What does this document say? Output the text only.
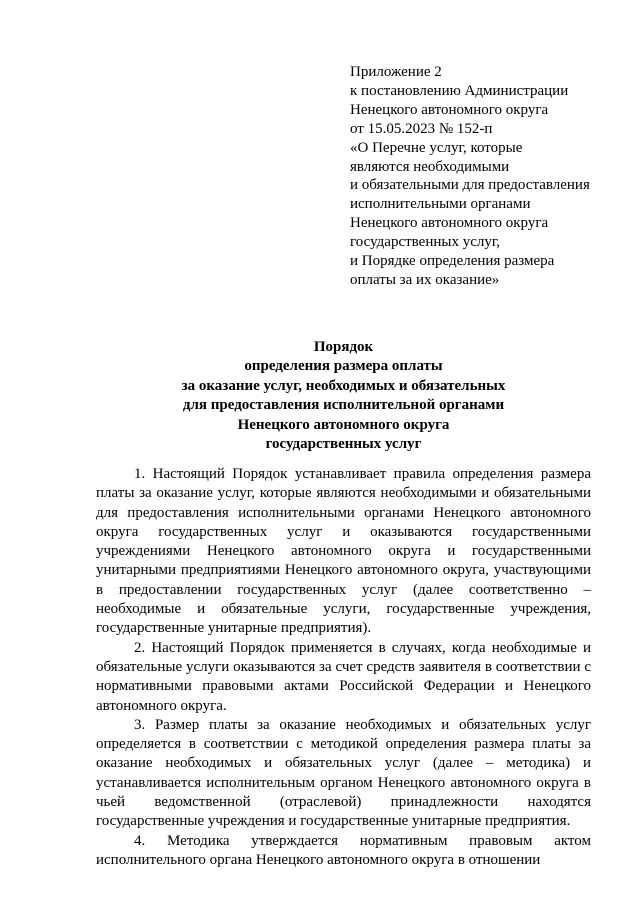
Приложение 2
к постановлению Администрации
Ненецкого автономного округа
от 15.05.2023 № 152-п
«О Перечне услуг, которые
являются необходимыми
и обязательными для предоставления
исполнительными органами
Ненецкого автономного округа
государственных услуг,
и Порядке определения размера
оплаты за их оказание»
Порядок
определения размера оплаты
за оказание услуг, необходимых и обязательных
для предоставления исполнительной органами
Ненецкого автономного округа
государственных услуг

1. Настоящий Порядок устанавливает правила определения размера платы за оказание услуг, которые являются необходимыми и обязательными для предоставления исполнительными органами Ненецкого автономного округа государственных услуг и оказываются государственными учреждениями Ненецкого автономного округа и государственными унитарными предприятиями Ненецкого автономного округа, участвующими в предоставлении государственных услуг (далее соответственно – необходимые и обязательные услуги, государственные учреждения, государственные унитарные предприятия).

2. Настоящий Порядок применяется в случаях, когда необходимые и обязательные услуги оказываются за счет средств заявителя в соответствии с нормативными правовыми актами Российской Федерации и Ненецкого автономного округа.

3. Размер платы за оказание необходимых и обязательных услуг определяется в соответствии с методикой определения размера платы за оказание необходимых и обязательных услуг (далее – методика) и устанавливается исполнительным органом Ненецкого автономного округа в чьей ведомственной (отраслевой) принадлежности находятся государственные учреждения и государственные унитарные предприятия.

4. Методика утверждается нормативным правовым актом исполнительного органа Ненецкого автономного округа в отношении
